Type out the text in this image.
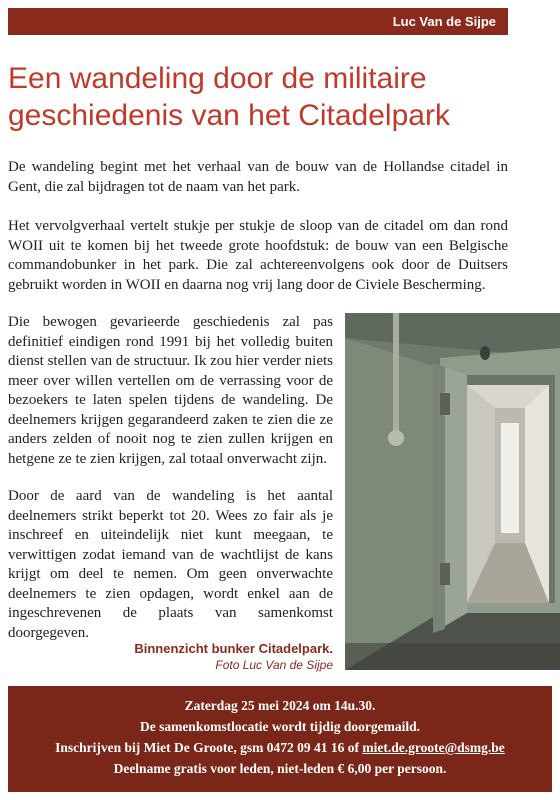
Luc Van de Sijpe
Een wandeling door de militaire
geschiedenis van het Citadelpark

De wandeling begint met het verhaal van de bouw van de Hollandse citadel in Gent, die zal bijdragen tot de naam van het park.

Het vervolgverhaal vertelt stukje per stukje de sloop van de citadel om dan rond WOII uit te komen bij het tweede grote hoofdstuk: de bouw van een Belgische commandobunker in het park. Die zal achtereenvolgens ook door de Duitsers gebruikt worden in WOII en daarna nog vrij lang door de Civiele Bescherming.

Die bewogen gevarieerde geschiedenis zal pas definitief eindigen rond 1991 bij het volledig buiten dienst stellen van de structuur. Ik zou hier verder niets meer over willen vertellen om de verrassing voor de bezoekers te laten spelen tijdens de wandeling. De deelnemers krijgen gegarandeerd zaken te zien die ze anders zelden of nooit nog te zien zullen krijgen en hetgene ze te zien krijgen, zal totaal onverwacht zijn.

Door de aard van de wandeling is het aantal deelnemers strikt beperkt tot 20. Wees zo fair als je inschreef en uiteindelijk niet kunt meegaan, te verwittigen zodat iemand van de wachtlijst de kans krijgt om deel te nemen. Om geen onverwachte deelnemers te zien opdagen, wordt enkel aan de ingeschrevenen de plaats van samenkomst doorgegeven.

Binnenzicht bunker Citadelpark.
Foto Luc Van de Sijpe
Zaterdag 25 mei 2024 om 14u.30.
De samenkomstlocatie wordt tijdig doorgemaild.
Inschrijven bij Miet De Groote, gsm 0472 09 41 16 of miet.de.groote@dsmg.be
Deelname gratis voor leden, niet-leden € 6,00 per persoon.
